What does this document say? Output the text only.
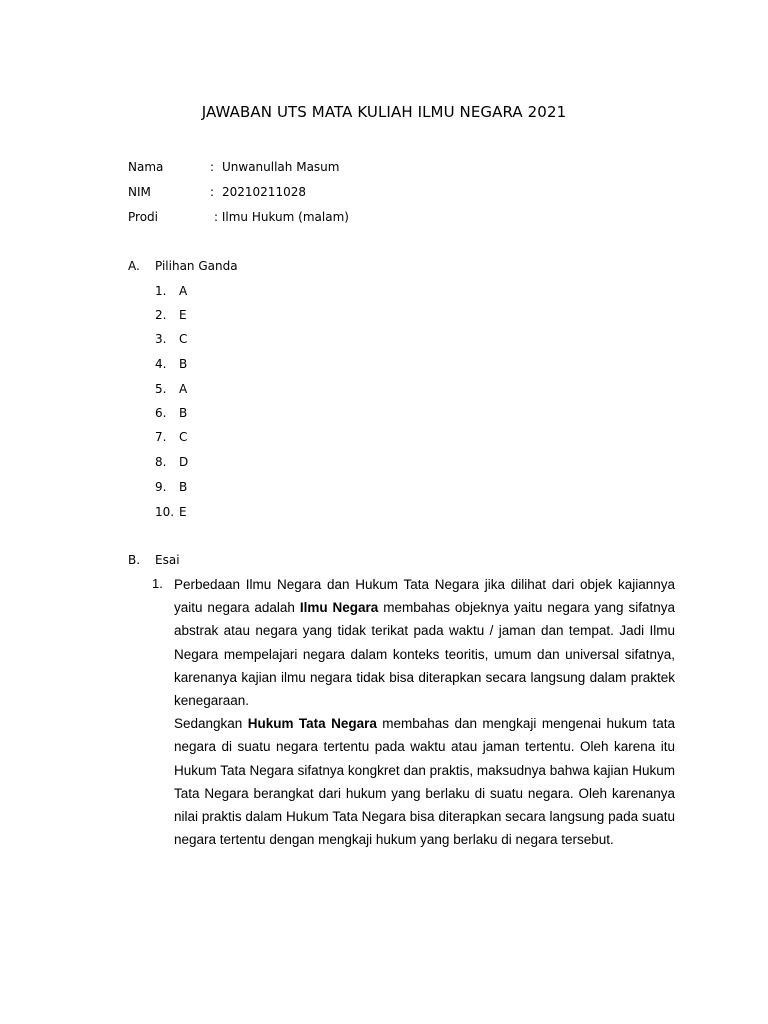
JAWABAN UTS MATA KULIAH ILMU NEGARA 2021
Nama	: Unwanullah Masum
NIM	: 20210211028
Prodi	: Ilmu Hukum (malam)
A. Pilihan Ganda
1. A
2. E
3. C
4. B
5. A
6. B
7. C
8. D
9. B
10. E
B. Esai
1. Perbedaan Ilmu Negara dan Hukum Tata Negara jika dilihat dari objek kajiannya yaitu negara adalah Ilmu Negara membahas objeknya yaitu negara yang sifatnya abstrak atau negara yang tidak terikat pada waktu / jaman dan tempat. Jadi Ilmu Negara mempelajari negara dalam konteks teoritis, umum dan universal sifatnya, karenanya kajian ilmu negara tidak bisa diterapkan secara langsung dalam praktek kenegaraan.

Sedangkan Hukum Tata Negara membahas dan mengkaji mengenai hukum tata negara di suatu negara tertentu pada waktu atau jaman tertentu. Oleh karena itu Hukum Tata Negara sifatnya kongkret dan praktis, maksudnya bahwa kajian Hukum Tata Negara berangkat dari hukum yang berlaku di suatu negara. Oleh karenanya nilai praktis dalam Hukum Tata Negara bisa diterapkan secara langsung pada suatu negara tertentu dengan mengkaji hukum yang berlaku di negara tersebut.
